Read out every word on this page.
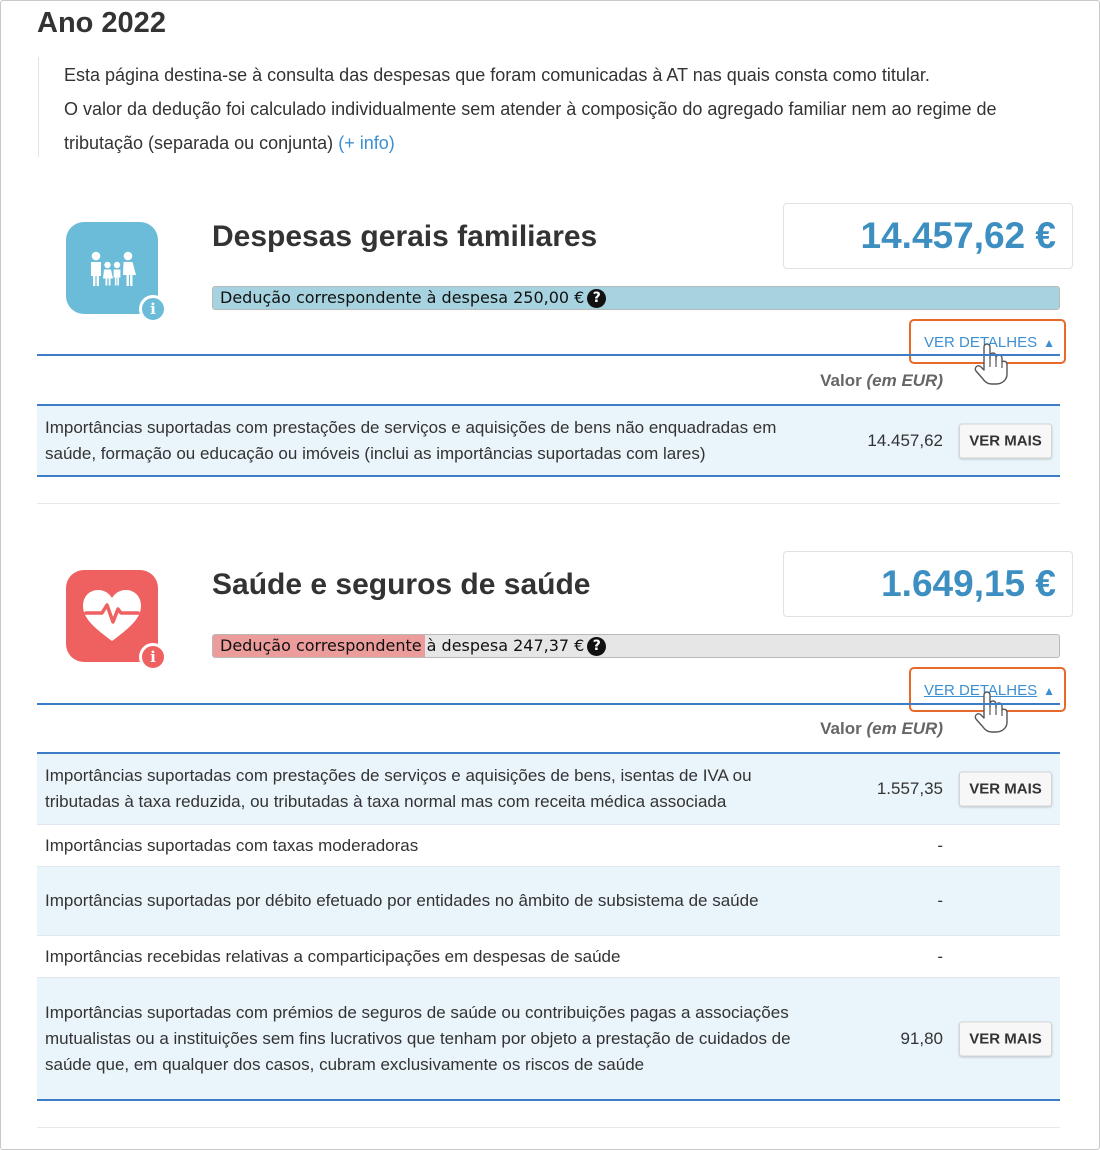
Ano 2022

Esta página destina-se à consulta das despesas que foram comunicadas à AT nas quais consta como titular.

O valor da dedução foi calculado individualmente sem atender à composição do agregado familiar nem ao regime de tributação (separada ou conjunta) (+ info)

i
Despesas gerais familiares	14.457,62 €
Dedução correspondente à despesa 250,00 € ?
VER DETALHES ▲
Valor (em EUR)
Importâncias suportadas com prestações de serviços e aquisições de bens não enquadradas em saúde, formação ou educação ou imóveis (inclui as importâncias suportadas com lares)
14.457,62	VER MAIS
i
Saúde e seguros de saúde	1.649,15 €
Dedução correspondente à despesa 247,37 € ?
VER DETALHES ▲
Valor (em EUR)
Importâncias suportadas com prestações de serviços e aquisições de bens, isentas de IVA ou tributadas à taxa reduzida, ou tributadas à taxa normal mas com receita médica associada
1.557,35	VER MAIS
Importâncias suportadas com taxas moderadoras	-
Importâncias suportadas por débito efetuado por entidades no âmbito de subsistema de saúde	-
Importâncias recebidas relativas a comparticipações em despesas de saúde	-
Importâncias suportadas com prémios de seguros de saúde ou contribuições pagas a associações mutualistas ou a instituições sem fins lucrativos que tenham por objeto a prestação de cuidados de saúde que, em qualquer dos casos, cubram exclusivamente os riscos de saúde
91,80	VER MAIS
